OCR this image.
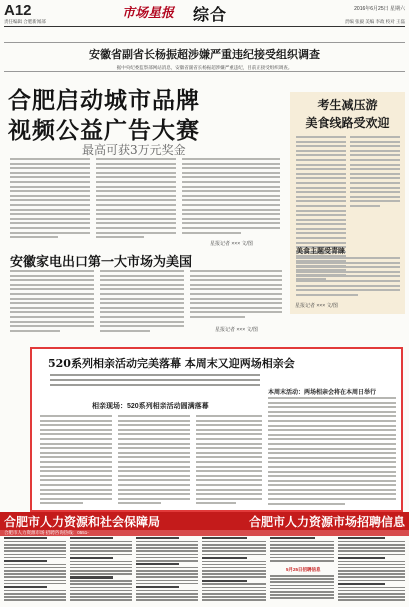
A12	市场星报 综合	2016年6月25日 星期六
责任编辑 合肥新闻部	责编 张毅 美编 李政 校对 王磊
安徽省副省长杨振超涉嫌严重违纪接受组织调查
据中央纪委监察部网站消息，安徽省副省长杨振超涉嫌严重违纪，目前正接受组织调查。
合肥启动城市品牌
视频公益广告大赛
最高可获3万元奖金
星报记者 ××× 文/图
考生减压游
美食线路受欢迎
美食主题受青睐
星报记者 ××× 文/图
安徽家电出口第一大市场为美国
星报记者 ××× 文/图
520系列相亲活动完美落幕 本周末又迎两场相亲会
相亲现场：520系列相亲活动圆满落幕
本周末活动：两场相亲会将在本周日举行
合肥市人力资源和社会保障局	合肥市人力资源市场招聘信息
合肥市人力资源市场 招聘咨询热线：0551-
5月25日招聘信息
